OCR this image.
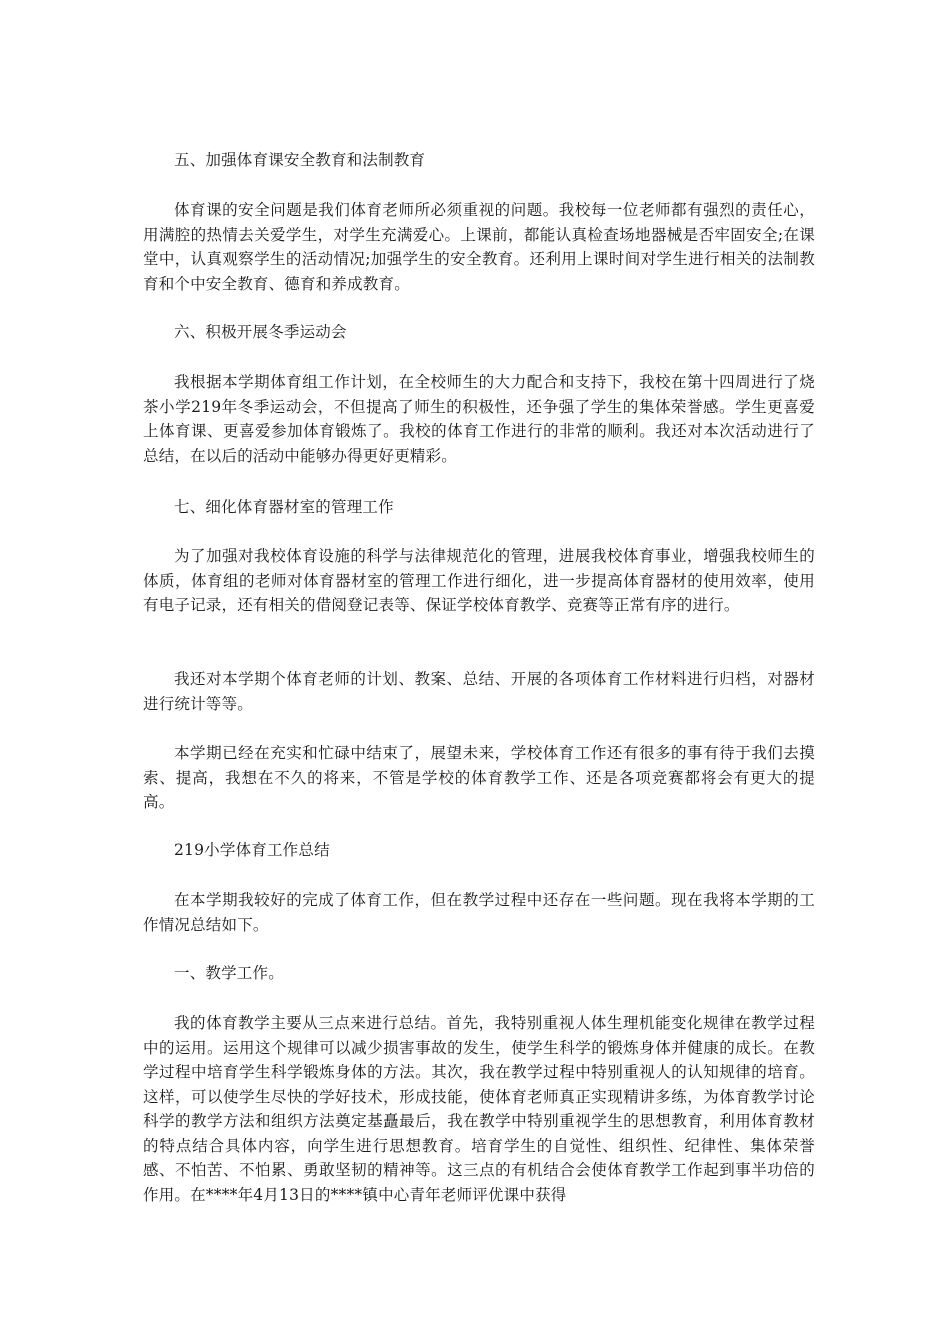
五、加强体育课安全教育和法制教育

体育课的安全问题是我们体育老师所必须重视的问题。我校每一位老师都有强烈的责任心，用满腔的热情去关爱学生，对学生充满爱心。上课前，都能认真检查场地器械是否牢固安全;在课堂中，认真观察学生的活动情况;加强学生的安全教育。还利用上课时间对学生进行相关的法制教育和个中安全教育、德育和养成教育。

六、积极开展冬季运动会

我根据本学期体育组工作计划，在全校师生的大力配合和支持下，我校在第十四周进行了烧茶小学219年冬季运动会，不但提高了师生的积极性，还争强了学生的集体荣誉感。学生更喜爱上体育课、更喜爱参加体育锻炼了。我校的体育工作进行的非常的顺利。我还对本次活动进行了总结，在以后的活动中能够办得更好更精彩。

七、细化体育器材室的管理工作

为了加强对我校体育设施的科学与法律规范化的管理，进展我校体育事业，增强我校师生的体质，体育组的老师对体育器材室的管理工作进行细化，进一步提高体育器材的使用效率，使用有电子记录，还有相关的借阅登记表等、保证学校体育教学、竞赛等正常有序的进行。

我还对本学期个体育老师的计划、教案、总结、开展的各项体育工作材料进行归档，对器材进行统计等等。

本学期已经在充实和忙碌中结束了，展望未来，学校体育工作还有很多的事有待于我们去摸索、提高，我想在不久的将来，不管是学校的体育教学工作、还是各项竞赛都将会有更大的提高。

219小学体育工作总结

在本学期我较好的完成了体育工作，但在教学过程中还存在一些问题。现在我将本学期的工作情况总结如下。

一、教学工作。

我的体育教学主要从三点来进行总结。首先，我特别重视人体生理机能变化规律在教学过程中的运用。运用这个规律可以减少损害事故的发生，使学生科学的锻炼身体并健康的成长。在教学过程中培育学生科学锻炼身体的方法。其次，我在教学过程中特别重视人的认知规律的培育。这样，可以使学生尽快的学好技术，形成技能，使体育老师真正实现精讲多练，为体育教学讨论科学的教学方法和组织方法奠定基矗最后，我在教学中特别重视学生的思想教育，利用体育教材的特点结合具体内容，向学生进行思想教育。培育学生的自觉性、组织性、纪律性、集体荣誉感、不怕苦、不怕累、勇敢坚韧的精神等。这三点的有机结合会使体育教学工作起到事半功倍的作用。在****年4月13日的****镇中心青年老师评优课中获得
